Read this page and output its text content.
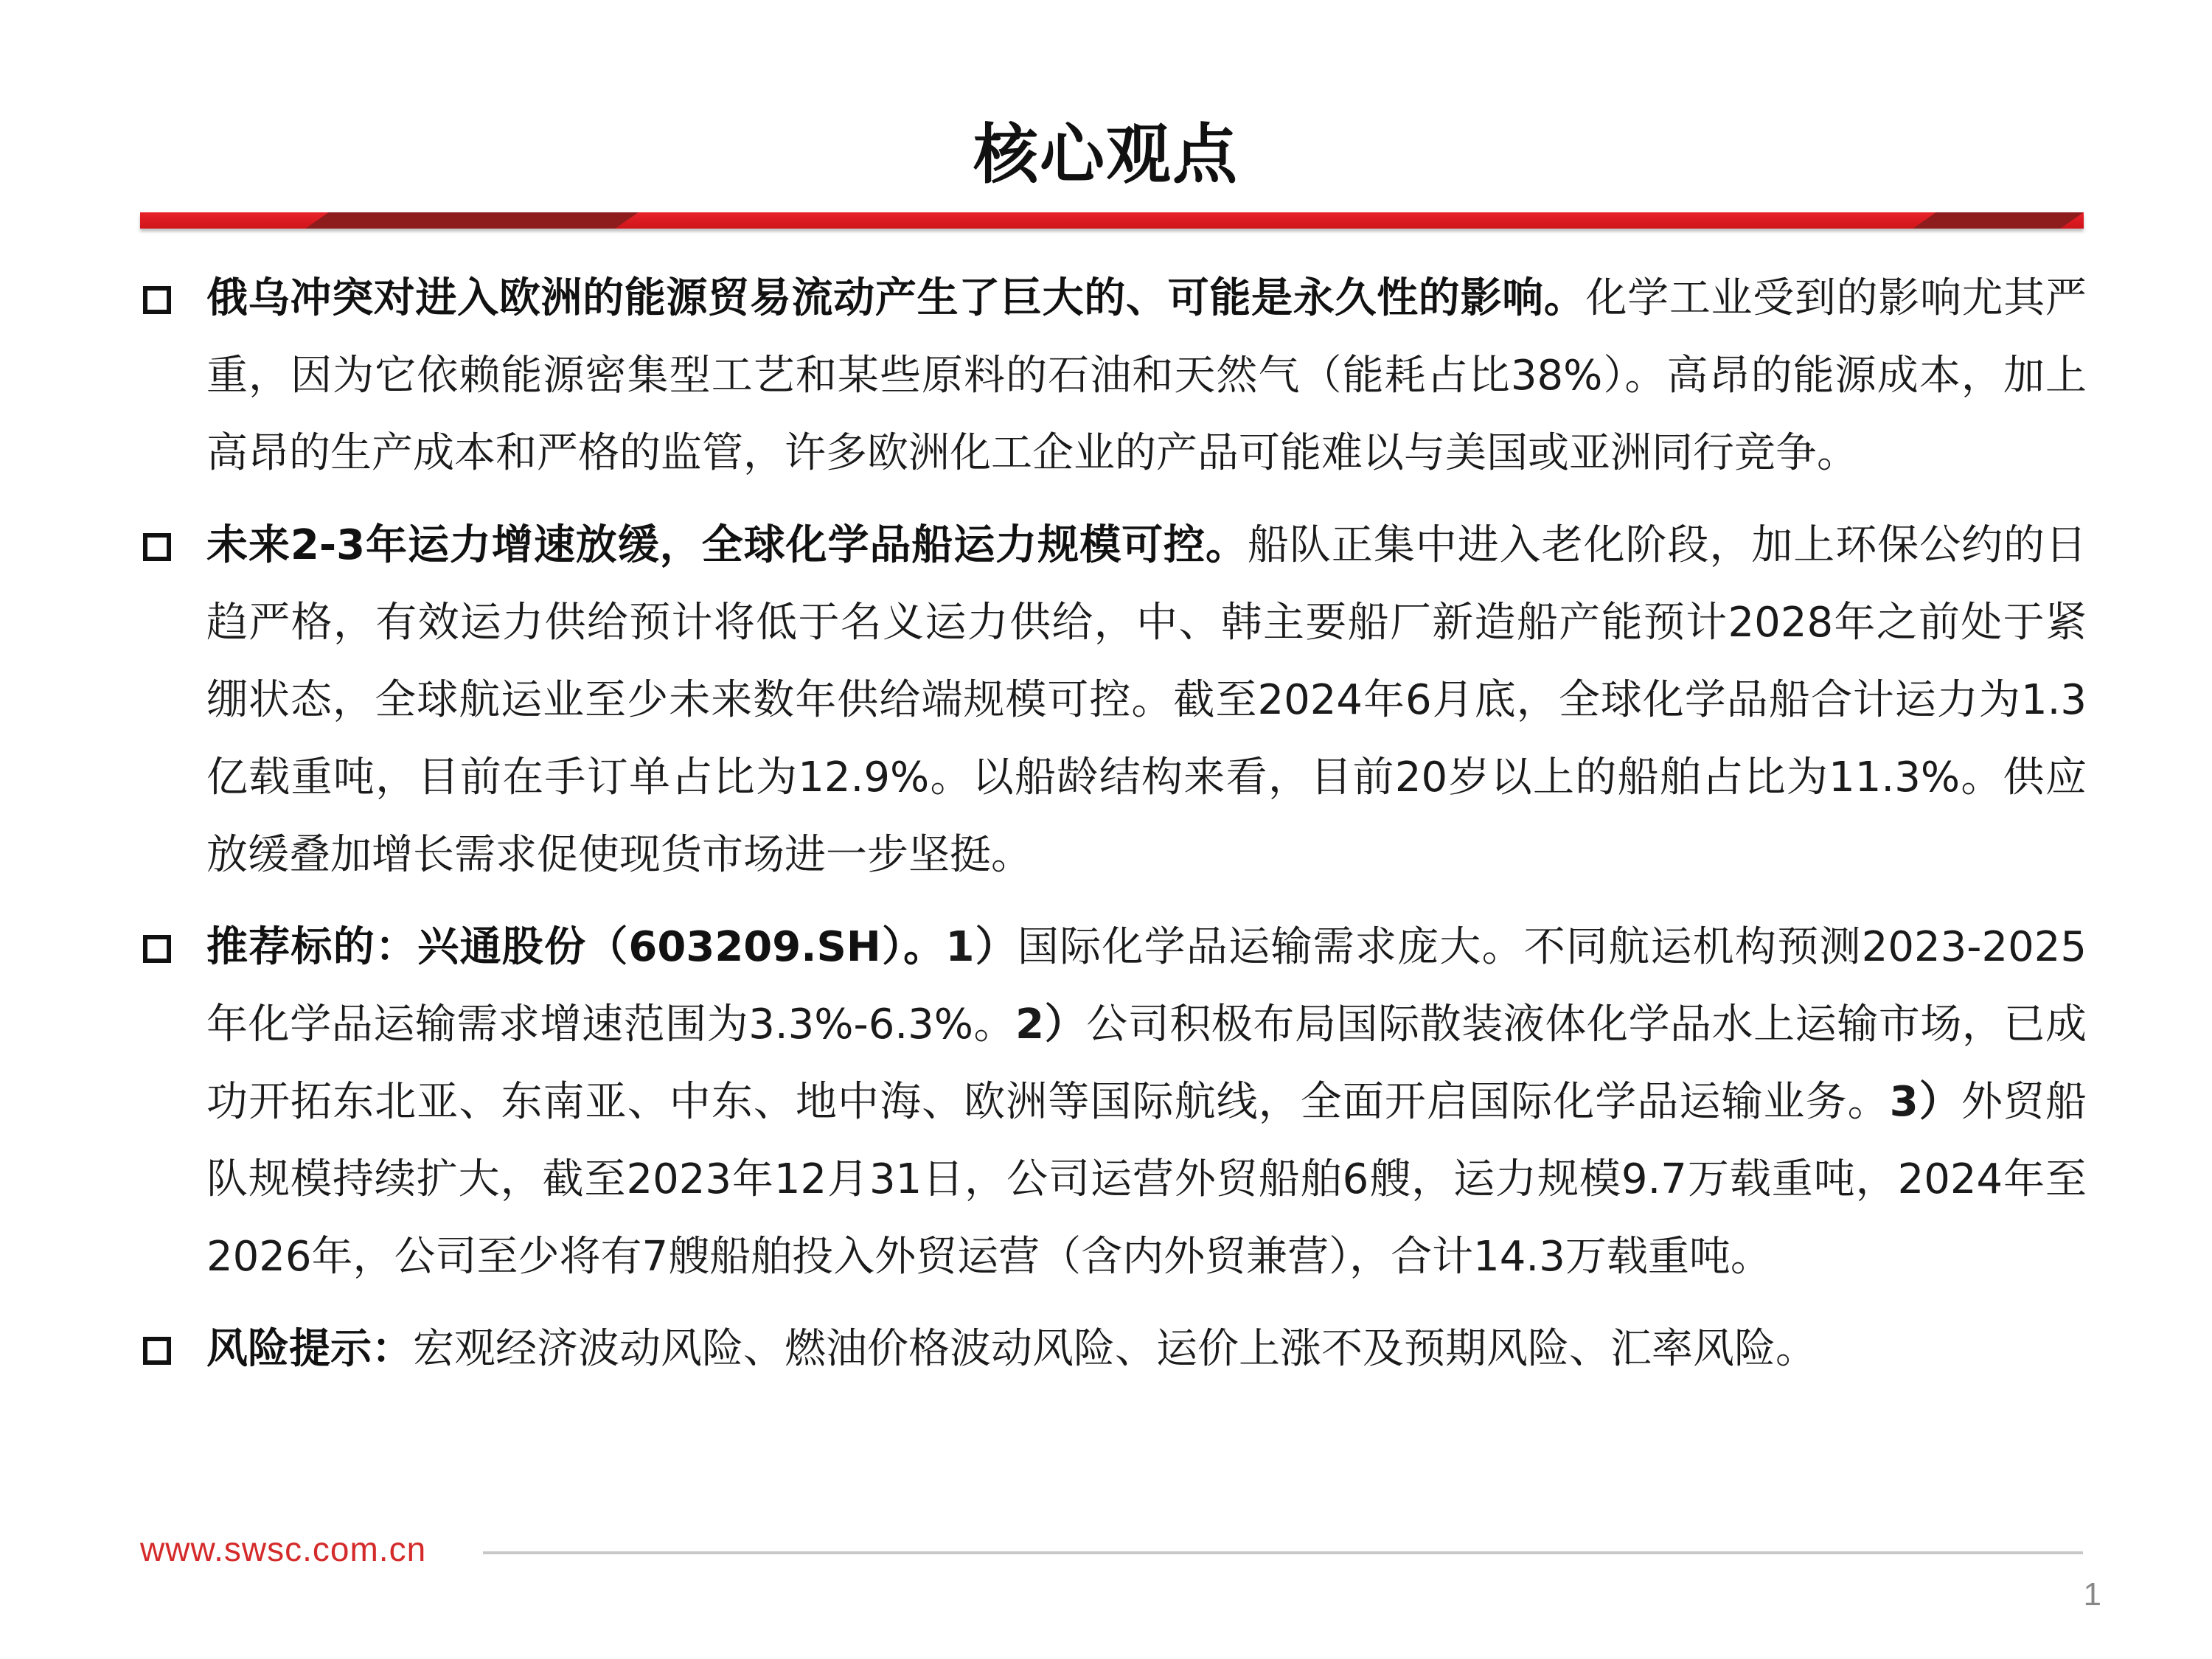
核心观点
俄乌冲突对进入欧洲的能源贸易流动产生了巨大的、可能是永久性的影响。化学工业受到的影响尤其严重，因为它依赖能源密集型工艺和某些原料的石油和天然气（能耗占比38%）。高昂的能源成本，加上高昂的生产成本和严格的监管，许多欧洲化工企业的产品可能难以与美国或亚洲同行竞争。
未来2-3年运力增速放缓，全球化学品船运力规模可控。船队正集中进入老化阶段，加上环保公约的日趋严格，有效运力供给预计将低于名义运力供给，中、韩主要船厂新造船产能预计2028年之前处于紧绷状态，全球航运业至少未来数年供给端规模可控。截至2024年6月底，全球化学品船合计运力为1.3亿载重吨，目前在手订单占比为12.9%。以船龄结构来看，目前20岁以上的船舶占比为11.3%。供应放缓叠加增长需求促使现货市场进一步坚挺。
推荐标的：兴通股份（603209.SH）。1）国际化学品运输需求庞大。不同航运机构预测2023-2025年化学品运输需求增速范围为3.3%-6.3%。2）公司积极布局国际散装液体化学品水上运输市场，已成功开拓东北亚、东南亚、中东、地中海、欧洲等国际航线，全面开启国际化学品运输业务。3）外贸船队规模持续扩大，截至2023年12月31日，公司运营外贸船舶6艘，运力规模9.7万载重吨，2024年至2026年，公司至少将有7艘船舶投入外贸运营（含内外贸兼营），合计14.3万载重吨。
风险提示：宏观经济波动风险、燃油价格波动风险、运价上涨不及预期风险、汇率风险。
www.swsc.com.cn
1
